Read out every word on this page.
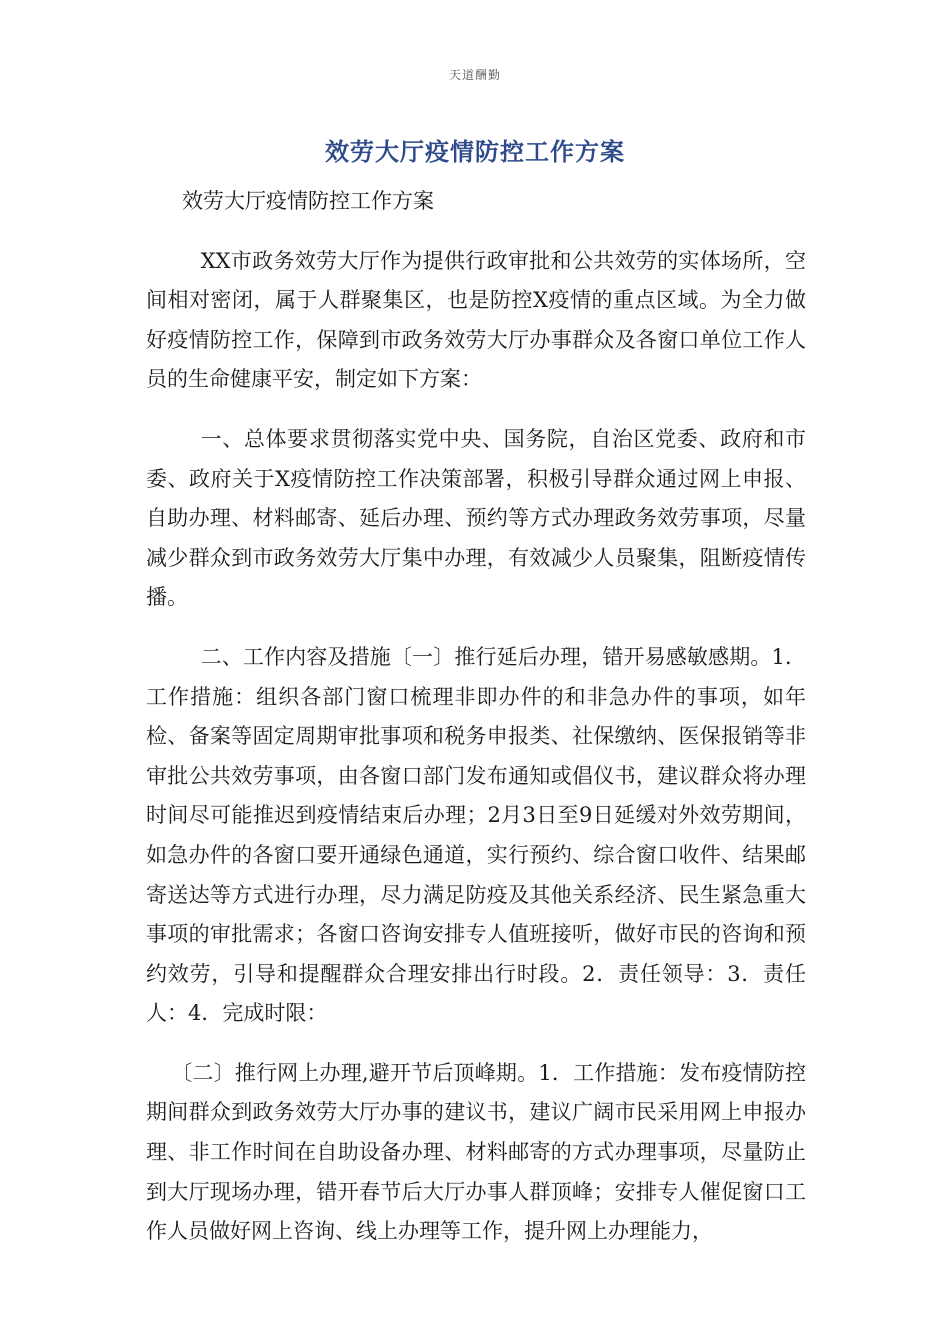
天道酬勤
效劳大厅疫情防控工作方案

效劳大厅疫情防控工作方案

XX市政务效劳大厅作为提供行政审批和公共效劳的实体场所，空间相对密闭，属于人群聚集区，也是防控X疫情的重点区域。为全力做好疫情防控工作，保障到市政务效劳大厅办事群众及各窗口单位工作人员的生命健康平安，制定如下方案：

一、总体要求贯彻落实党中央、国务院，自治区党委、政府和市委、政府关于X疫情防控工作决策部署，积极引导群众通过网上申报、自助办理、材料邮寄、延后办理、预约等方式办理政务效劳事项，尽量减少群众到市政务效劳大厅集中办理，有效减少人员聚集，阻断疫情传播。

二、工作内容及措施〔一〕推行延后办理，错开易感敏感期。1．工作措施：组织各部门窗口梳理非即办件的和非急办件的事项，如年检、备案等固定周期审批事项和税务申报类、社保缴纳、医保报销等非审批公共效劳事项，由各窗口部门发布通知或倡仪书，建议群众将办理时间尽可能推迟到疫情结束后办理；2月3日至9日延缓对外效劳期间，如急办件的各窗口要开通绿色通道，实行预约、综合窗口收件、结果邮寄送达等方式进行办理，尽力满足防疫及其他关系经济、民生紧急重大事项的审批需求；各窗口咨询安排专人值班接听，做好市民的咨询和预约效劳，引导和提醒群众合理安排出行时段。2．责任领导：3．责任人：4．完成时限：

〔二〕推行网上办理,避开节后顶峰期。1．工作措施：发布疫情防控期间群众到政务效劳大厅办事的建议书，建议广阔市民采用网上申报办理、非工作时间在自助设备办理、材料邮寄的方式办理事项，尽量防止到大厅现场办理，错开春节后大厅办事人群顶峰；安排专人催促窗口工作人员做好网上咨询、线上办理等工作，提升网上办理能力，
